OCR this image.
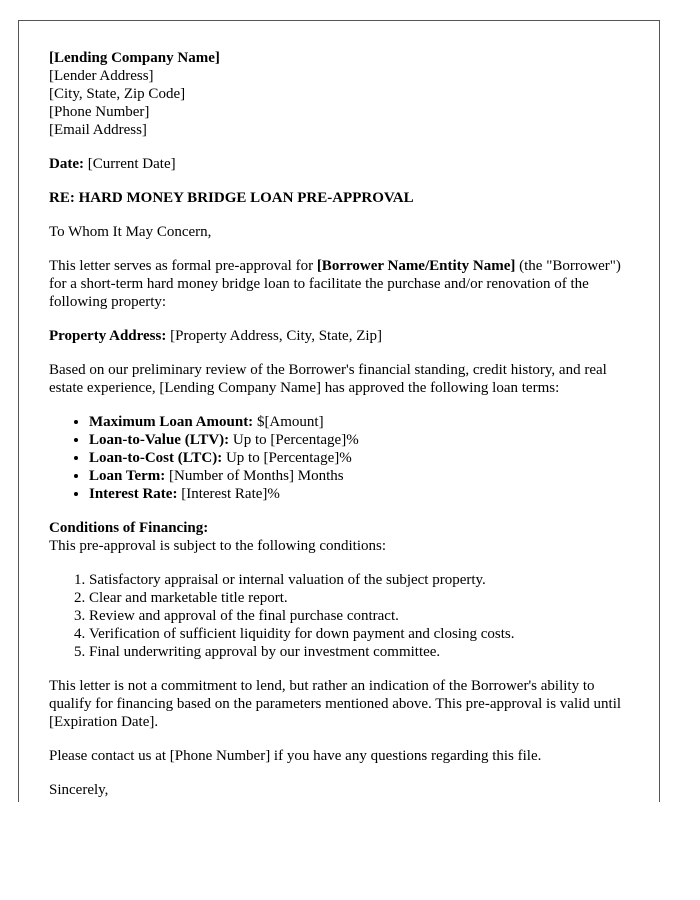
[Lending Company Name]
[Lender Address]
[City, State, Zip Code]
[Phone Number]
[Email Address]

Date: [Current Date]

RE: HARD MONEY BRIDGE LOAN PRE-APPROVAL

To Whom It May Concern,

This letter serves as formal pre-approval for [Borrower Name/Entity Name] (the "Borrower") for a short-term hard money bridge loan to facilitate the purchase and/or renovation of the following property:

Property Address: [Property Address, City, State, Zip]

Based on our preliminary review of the Borrower's financial standing, credit history, and real estate experience, [Lending Company Name] has approved the following loan terms:

• Maximum Loan Amount: $[Amount]
• Loan-to-Value (LTV): Up to [Percentage]%
• Loan-to-Cost (LTC): Up to [Percentage]%
• Loan Term: [Number of Months] Months
• Interest Rate: [Interest Rate]%
Conditions of Financing:
This pre-approval is subject to the following conditions:
1. Satisfactory appraisal or internal valuation of the subject property.
2. Clear and marketable title report.
3. Review and approval of the final purchase contract.
4. Verification of sufficient liquidity for down payment and closing costs.
5. Final underwriting approval by our investment committee.

This letter is not a commitment to lend, but rather an indication of the Borrower's ability to qualify for financing based on the parameters mentioned above. This pre-approval is valid until [Expiration Date].

Please contact us at [Phone Number] if you have any questions regarding this file.

Sincerely,
